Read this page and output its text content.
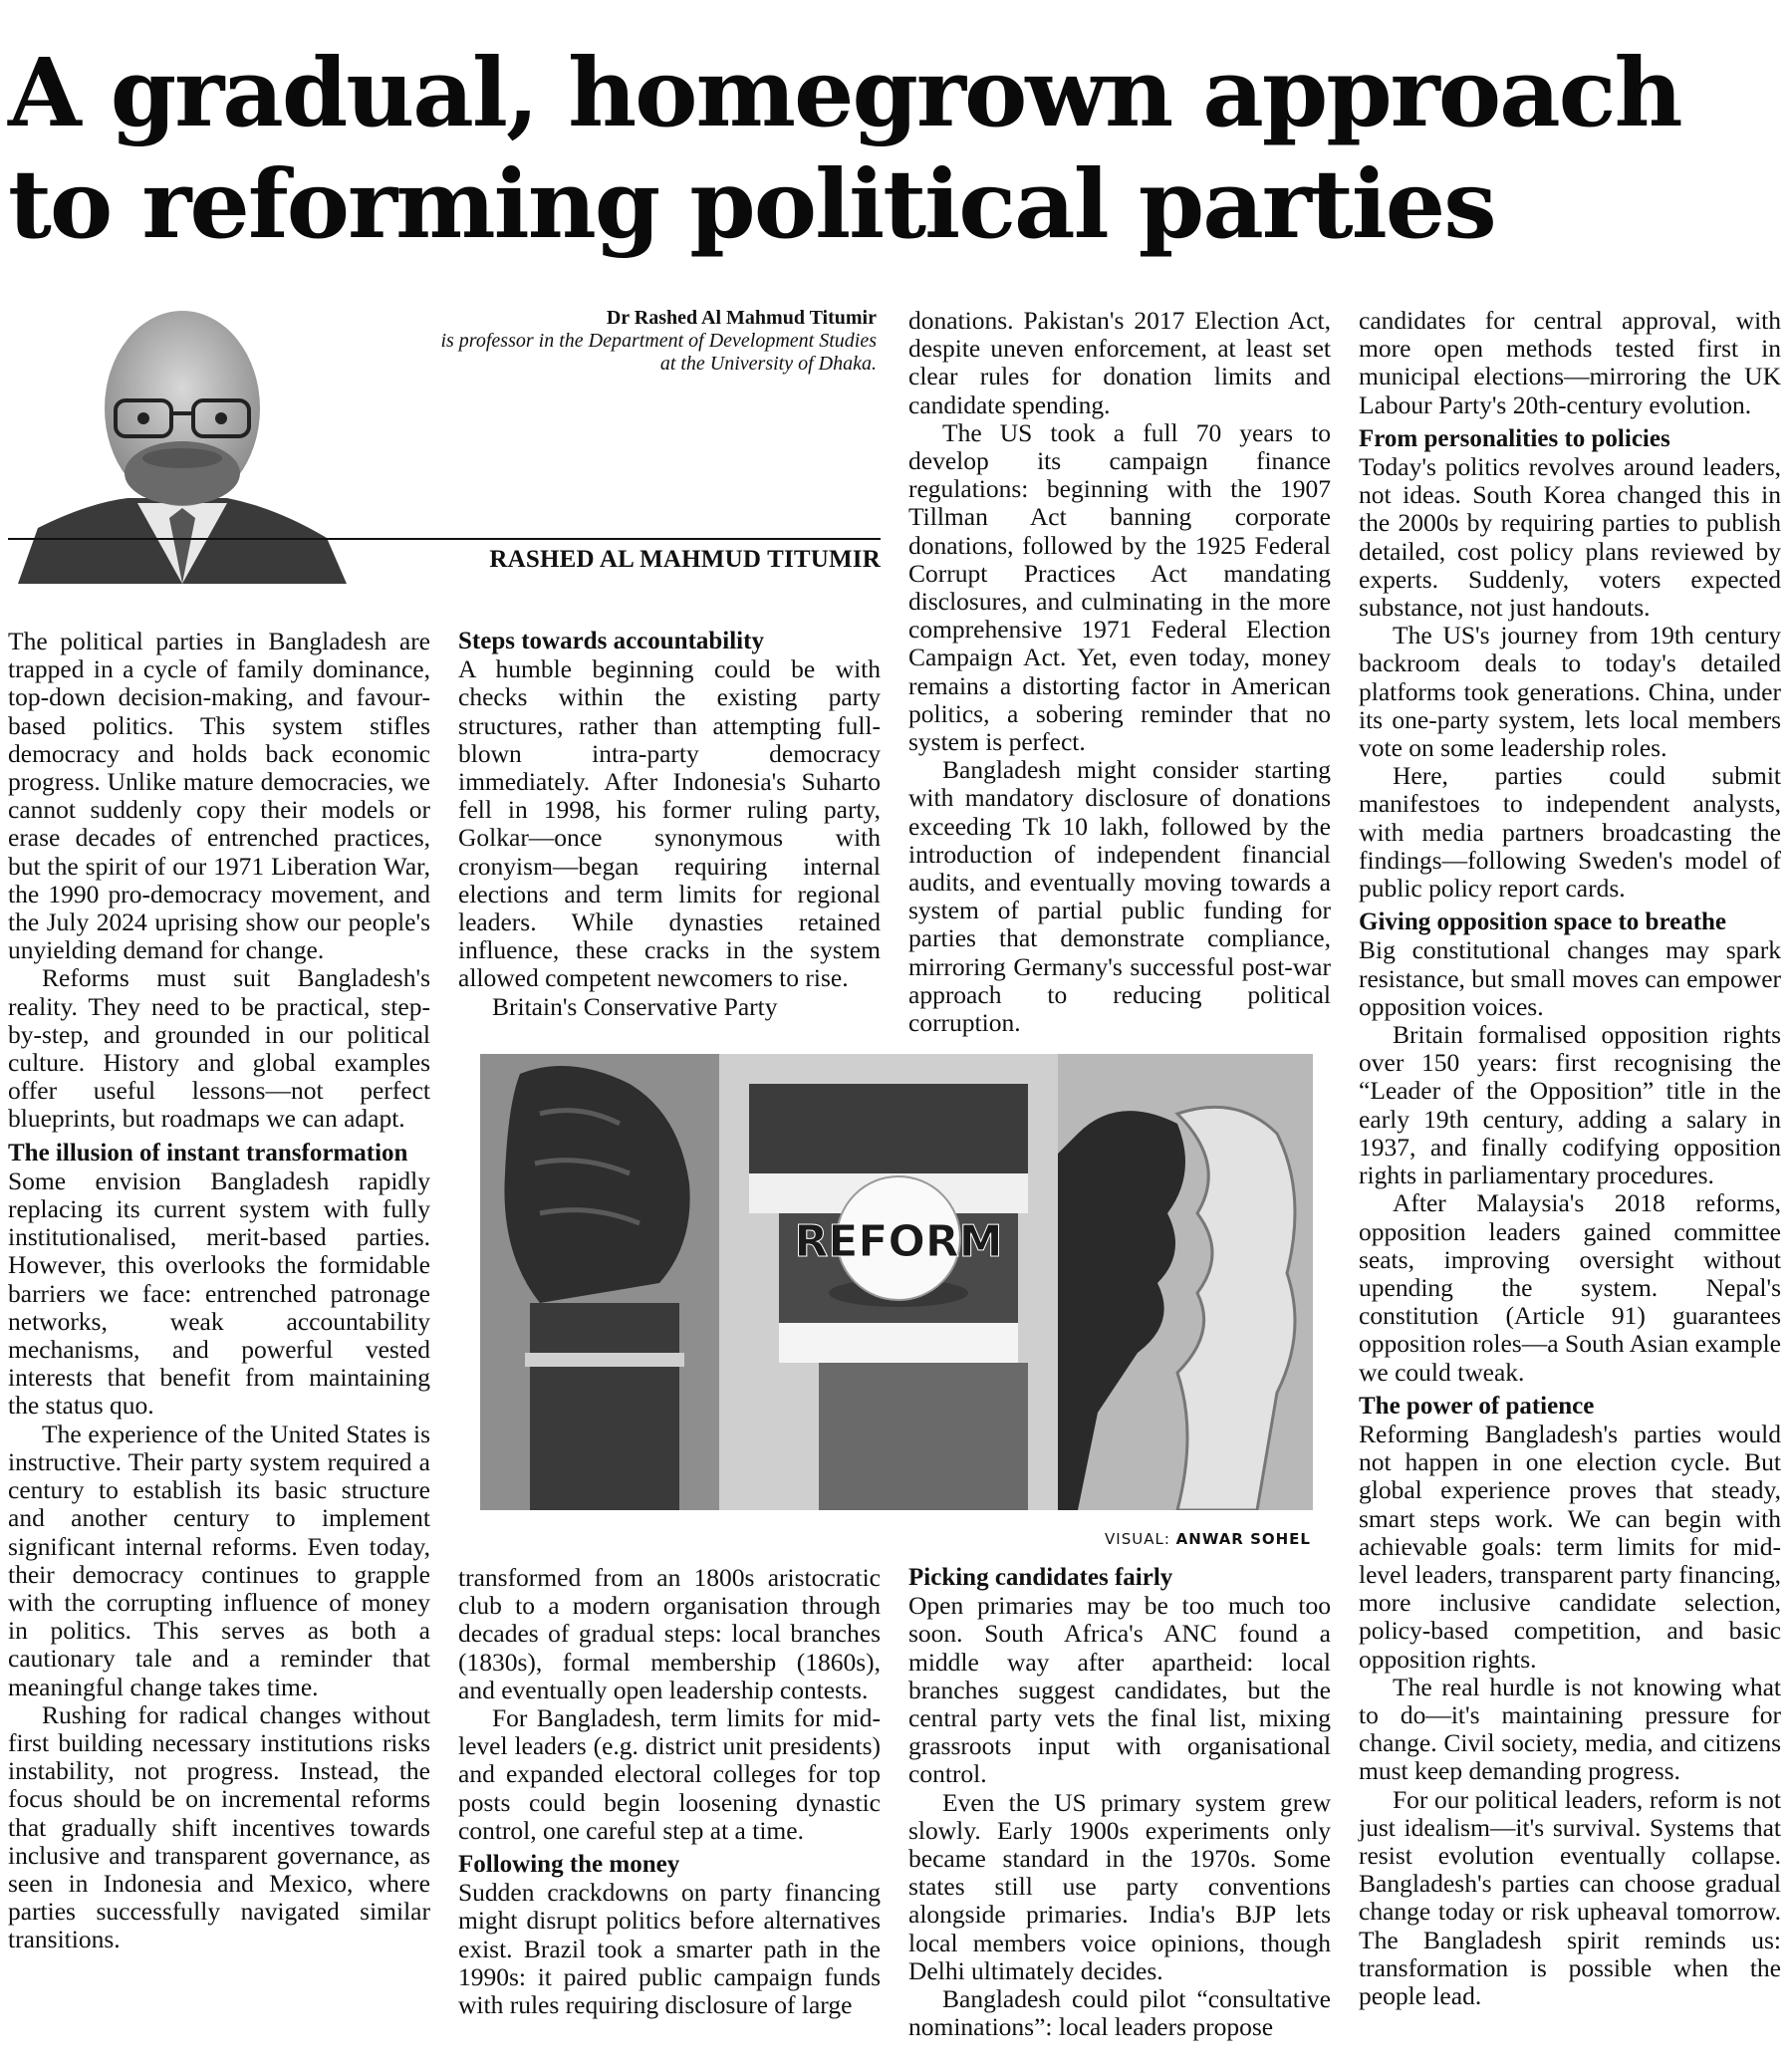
A gradual, homegrown approach to reforming political parties
Dr Rashed Al Mahmud Titumir
is professor in the Department of Development Studies
at the University of Dhaka.
RASHED AL MAHMUD TITUMIR

The political parties in Bangladesh are trapped in a cycle of family dominance, top-down decision-making, and favour-based politics. This system stifles democracy and holds back economic progress. Unlike mature democracies, we cannot suddenly copy their models or erase decades of entrenched practices, but the spirit of our 1971 Liberation War, the 1990 pro-democracy movement, and the July 2024 uprising show our people's unyielding demand for change.

Reforms must suit Bangladesh's reality. They need to be practical, step-by-step, and grounded in our political culture. History and global examples offer useful lessons—not perfect blueprints, but roadmaps we can adapt.

The illusion of instant transformation

Some envision Bangladesh rapidly replacing its current system with fully institutionalised, merit-based parties. However, this overlooks the formidable barriers we face: entrenched patronage networks, weak accountability mechanisms, and powerful vested interests that benefit from maintaining the status quo.

The experience of the United States is instructive. Their party system required a century to establish its basic structure and another century to implement significant internal reforms. Even today, their democracy continues to grapple with the corrupting influence of money in politics. This serves as both a cautionary tale and a reminder that meaningful change takes time.

Rushing for radical changes without first building necessary institutions risks instability, not progress. Instead, the focus should be on incremental reforms that gradually shift incentives towards inclusive and transparent governance, as seen in Indonesia and Mexico, where parties successfully navigated similar transitions.

Steps towards accountability

A humble beginning could be with checks within the existing party structures, rather than attempting full-blown intra-party democracy immediately. After Indonesia's Suharto fell in 1998, his former ruling party, Golkar—once synonymous with cronyism—began requiring internal elections and term limits for regional leaders. While dynasties retained influence, these cracks in the system allowed competent newcomers to rise.

Britain's Conservative Party

donations. Pakistan's 2017 Election Act, despite uneven enforcement, at least set clear rules for donation limits and candidate spending.

The US took a full 70 years to develop its campaign finance regulations: beginning with the 1907 Tillman Act banning corporate donations, followed by the 1925 Federal Corrupt Practices Act mandating disclosures, and culminating in the more comprehensive 1971 Federal Election Campaign Act. Yet, even today, money remains a distorting factor in American politics, a sobering reminder that no system is perfect.

Bangladesh might consider starting with mandatory disclosure of donations exceeding Tk 10 lakh, followed by the introduction of independent financial audits, and eventually moving towards a system of partial public funding for parties that demonstrate compliance, mirroring Germany's successful post-war approach to reducing political corruption.

candidates for central approval, with more open methods tested first in municipal elections—mirroring the UK Labour Party's 20th-century evolution.

From personalities to policies

Today's politics revolves around leaders, not ideas. South Korea changed this in the 2000s by requiring parties to publish detailed, cost policy plans reviewed by experts. Suddenly, voters expected substance, not just handouts.

The US's journey from 19th century backroom deals to today's detailed platforms took generations. China, under its one-party system, lets local members vote on some leadership roles.

Here, parties could submit manifestoes to independent analysts, with media partners broadcasting the findings—following Sweden's model of public policy report cards.

Giving opposition space to breathe

Big constitutional changes may spark resistance, but small moves can empower opposition voices.

Britain formalised opposition rights over 150 years: first recognising the “Leader of the Opposition” title in the early 19th century, adding a salary in 1937, and finally codifying opposition rights in parliamentary procedures.

After Malaysia's 2018 reforms, opposition leaders gained committee seats, improving oversight without upending the system. Nepal's constitution (Article 91) guarantees opposition roles—a South Asian example we could tweak.

The power of patience

Reforming Bangladesh's parties would not happen in one election cycle. But global experience proves that steady, smart steps work. We can begin with achievable goals: term limits for mid-level leaders, transparent party financing, more inclusive candidate selection, policy-based competition, and basic opposition rights.

The real hurdle is not knowing what to do—it's maintaining pressure for change. Civil society, media, and citizens must keep demanding progress.

For our political leaders, reform is not just idealism—it's survival. Systems that resist evolution eventually collapse. Bangladesh's parties can choose gradual change today or risk upheaval tomorrow. The Bangladesh spirit reminds us: transformation is possible when the people lead.

REFORM
VISUAL: ANWAR SOHEL

transformed from an 1800s aristocratic club to a modern organisation through decades of gradual steps: local branches (1830s), formal membership (1860s), and eventually open leadership contests.

For Bangladesh, term limits for mid-level leaders (e.g. district unit presidents) and expanded electoral colleges for top posts could begin loosening dynastic control, one careful step at a time.

Following the money

Sudden crackdowns on party financing might disrupt politics before alternatives exist. Brazil took a smarter path in the 1990s: it paired public campaign funds with rules requiring disclosure of large

Picking candidates fairly

Open primaries may be too much too soon. South Africa's ANC found a middle way after apartheid: local branches suggest candidates, but the central party vets the final list, mixing grassroots input with organisational control.

Even the US primary system grew slowly. Early 1900s experiments only became standard in the 1970s. Some states still use party conventions alongside primaries. India's BJP lets local members voice opinions, though Delhi ultimately decides.

Bangladesh could pilot “consultative nominations”: local leaders propose
